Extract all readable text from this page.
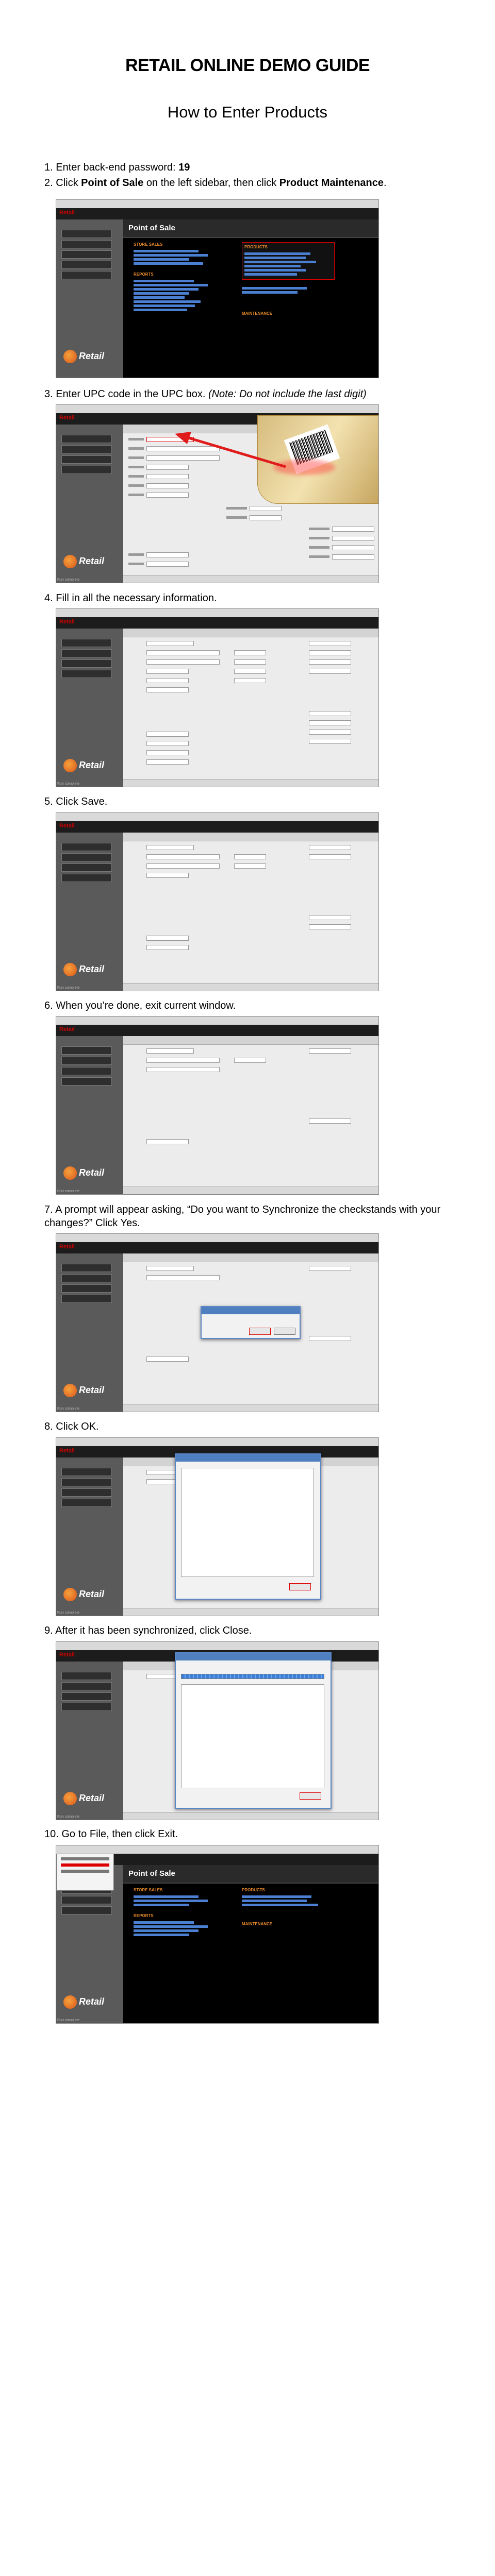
RETAIL ONLINE DEMO GUIDE
How to Enter Products
1. Enter back-end password: 19
2. Click Point of Sale on the left sidebar, then click Product Maintenance.
Retail
Retail
Point of Sale
STORE SALES
REPORTS
PRODUCTS
MAINTENANCE
3. Enter UPC code in the UPC box. (Note: Do not include the last digit)
Retail
Retail
Run complete
4. Fill in all the necessary information.
Retail
Retail
Run complete
5. Click Save.
Retail
Retail
Run complete
6. When you’re done, exit current window.
Retail
Retail
Run complete
7. A prompt will appear asking, “Do you want to Synchronize the checkstands with your changes?” Click Yes.
Retail
Retail
Run complete
8. Click OK.
Retail
Retail
Run complete
9. After it has been synchronized, click Close.
Retail
Retail
Run complete
10. Go to File, then click Exit.
Retail
Point of Sale
STORE SALES
REPORTS
PRODUCTS
MAINTENANCE
Run complete
